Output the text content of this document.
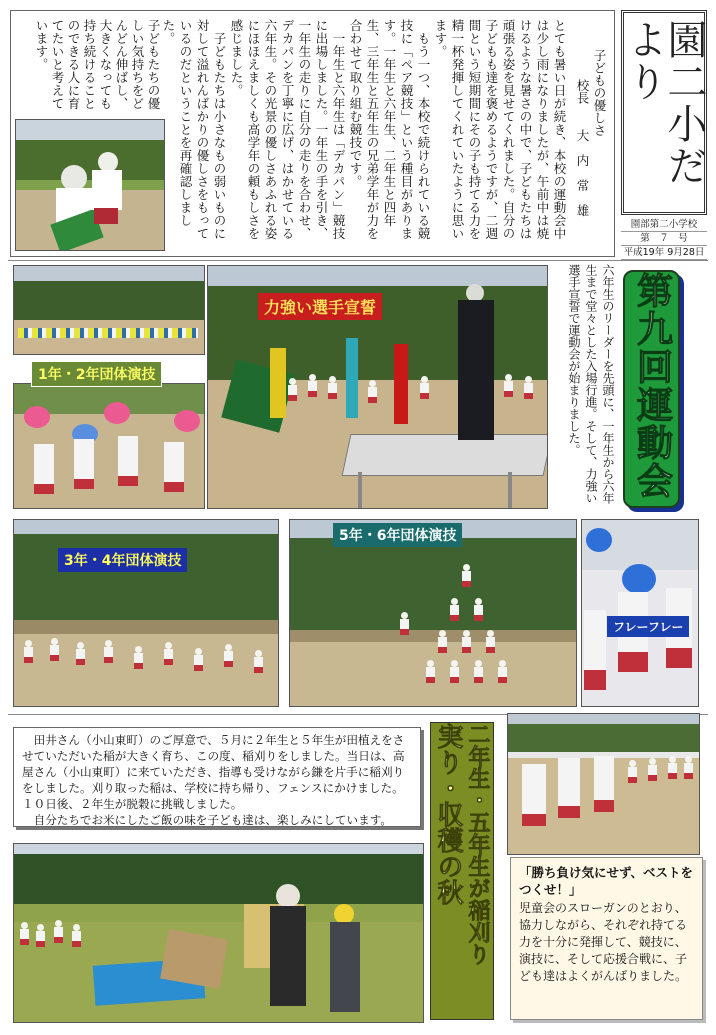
園二小だより
園部第二小学校
第　７　号
平成19年 9月28日
子どもの優しさ
校長　　大　内　常　雄

とても暑い日が続き、本校の運動会中は少し雨になりましたが、午前中は焼けるような暑さの中で、子どもたちは頑張る姿を見せてくれました。自分の子どもも達を褒めるようですが、二週間という短期間にその子も持てる力を精一杯発揮してくれていたように思います。

もう一つ、本校で続けられている競技に「ペア競技」という種目があります。一年生と六年生、二年生と四年生、三年生と五年生の兄弟学年が力を合わせて取り組む競技です。

一年生と六年生は「デカパン」競技に出場しました。一年生の手を引き、一年生の走りに自分の走りを合わせ、デカパンを丁寧に広げ、はかせている六年生。その光景の優しさあふれる姿にほほえましくも高学年の頼もしさを感じました。

子どもたちは小さなもの弱いものに対して溢れんばかりの優しさをもっているのだということを再確認しました。

子どもたちの優しい気持ちをどんどん伸ばし、大きくなっても持ち続けることのできる人に育てたいと考えています。
力強い選手宣誓
1年・2年団体演技	六年生のリーダーを先頭に、一年生から六年生まで堂々とした入場行進。そして、力強い選手宣誓で運動会が始まりました。	第九回運動会
3年・4年団体演技
5年・6年団体演技
フレーフレー

田井さん（小山東町）のご厚意で、５月に２年生と５年生が田植えをさせていただいた稲が大きく育ち、この度、稲刈りをしました。当日は、高屋さん（小山東町）に来ていただき、指導も受けながら鎌を片手に稲刈りをしました。刈り取った稲は、学校に持ち帰り、フェンスにかけました。１０日後、２年生が脱穀に挑戦しました。

自分たちでお米にしたご飯の味を子ども達は、楽しみにしています。	実り・収穫の秋 二年生・五年生が稲刈り 「勝ち負け気にせず、ベストをつくせ！」
児童会のスローガンのとおり、協力しながら、それぞれ持てる力を十分に発揮して、競技に、演技に、そして応援合戦に、子ども達はよくがんばりました。
